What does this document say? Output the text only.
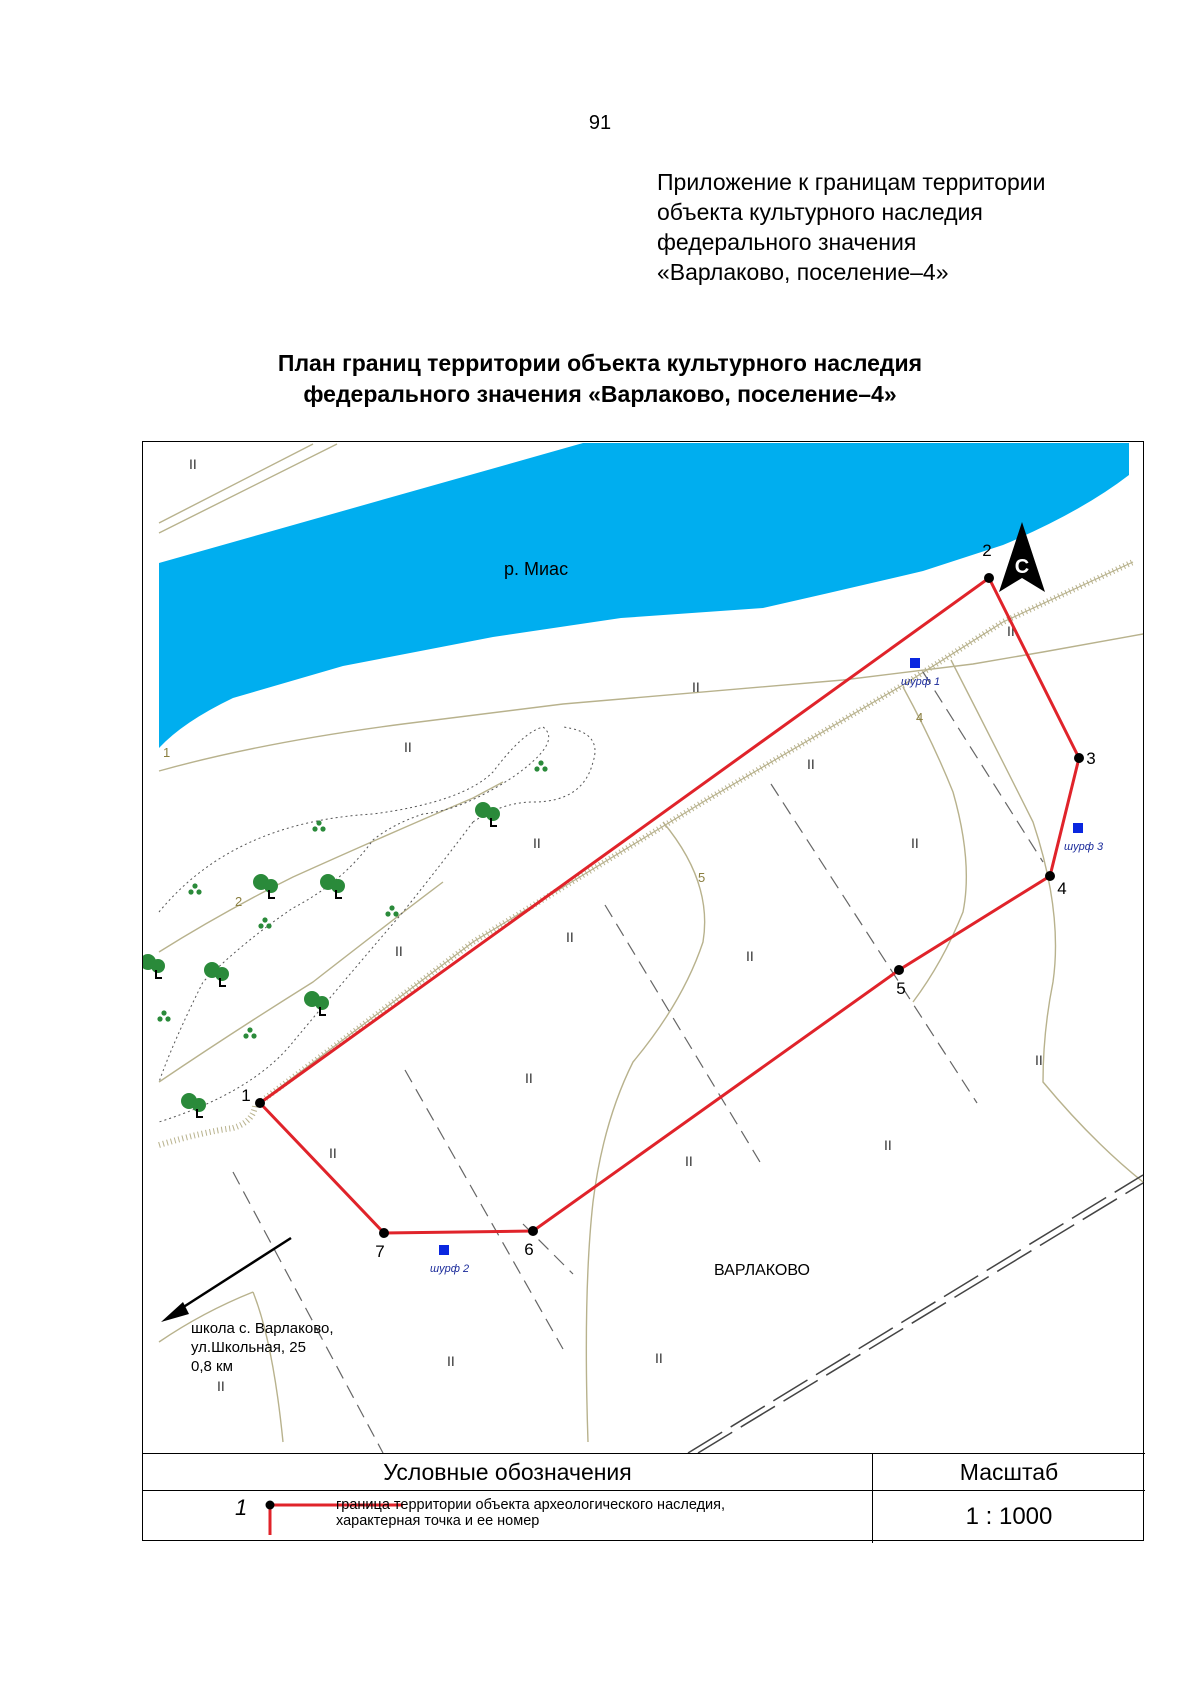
91
Приложение к границам территории
объекта культурного наследия
федерального значения
«Варлаково, поселение–4»
План границ территории объекта культурного наследия
федерального значения «Варлаково, поселение–4»
1
2
4
5
С
II
II
II
II
II
II	II
II
II	II
II
II
II	II
II
II	II
II
1
2
3
4
5
6
7
шурф 1
шурф 2
шурф 3
р. Миас
ВАРЛАКОВО
школа с. Варлаково,
ул.Школьная, 25
0,8 км
Условные обозначения	Масштаб
1	граница территории объекта археологического наследия,
характерная точка и ее номер	1 : 1000
